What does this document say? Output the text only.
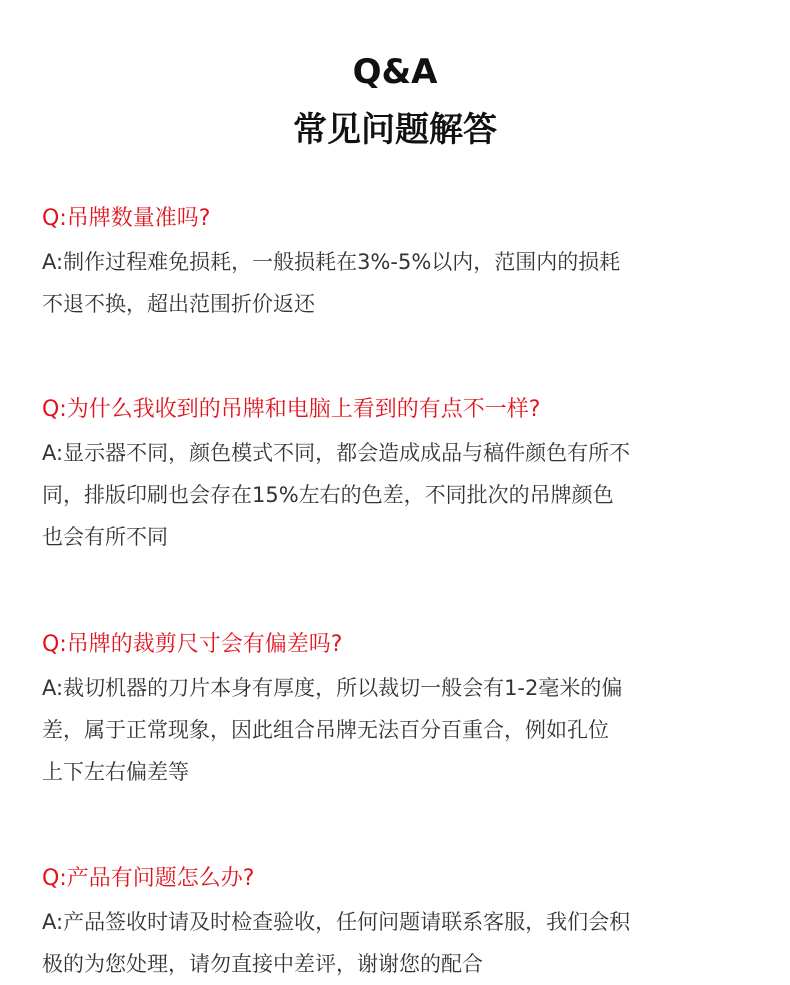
Q&A
常见问题解答
Q:吊牌数量准吗?
A:制作过程难免损耗，一般损耗在3%-5%以内，范围内的损耗
不退不换，超出范围折价返还
Q:为什么我收到的吊牌和电脑上看到的有点不一样?
A:显示器不同，颜色模式不同，都会造成成品与稿件颜色有所不
同，排版印刷也会存在15%左右的色差，不同批次的吊牌颜色
也会有所不同
Q:吊牌的裁剪尺寸会有偏差吗?
A:裁切机器的刀片本身有厚度，所以裁切一般会有1-2毫米的偏
差，属于正常现象，因此组合吊牌无法百分百重合，例如孔位
上下左右偏差等
Q:产品有问题怎么办?
A:产品签收时请及时检查验收，任何问题请联系客服，我们会积
极的为您处理，请勿直接中差评，谢谢您的配合
